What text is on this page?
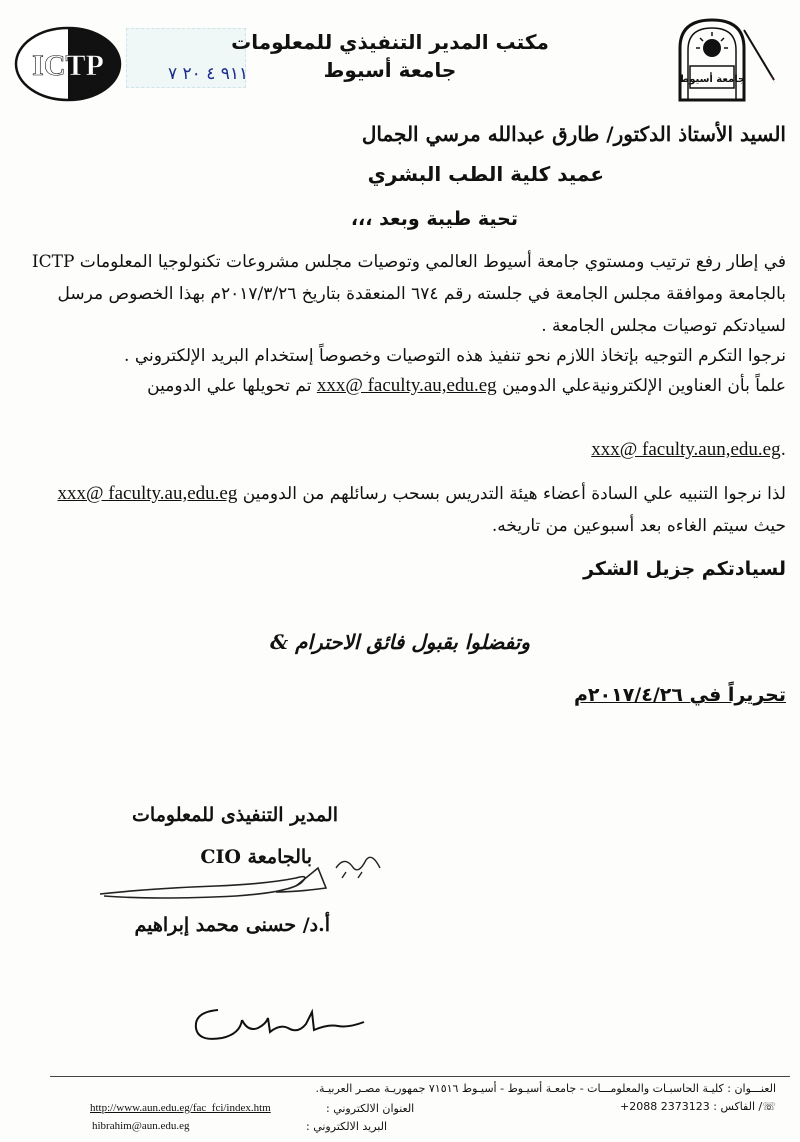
ICTP	٩١١ ٤ ٢٠ ٧
مكتب المدير التنفيذي للمعلومات
جامعة أسيوط	جامعة أسيوط
السيد الأستاذ الدكتور/ طارق عبدالله مرسي الجمال
عميد كلية الطب البشري
تحية طيبة وبعد ،،،
في إطار رفع ترتيب ومستوي جامعة أسيوط العالمي وتوصيات مجلس مشروعات تكنولوجيا المعلومات ICTP
بالجامعة وموافقة مجلس الجامعة في جلسته رقم ٦٧٤ المنعقدة بتاريخ ٢٠١٧/٣/٢٦م بهذا الخصوص مرسل
لسيادتكم توصيات مجلس الجامعة .
نرجوا التكرم التوجيه بإتخاذ اللازم نحو تنفيذ هذه التوصيات وخصوصاً إستخدام البريد الإلكتروني .
علماً بأن العناوين الإلكترونيةعلي الدومين xxx@ faculty.au,edu.eg تم تحويلها علي الدومين
.xxx@ faculty.aun,edu.eg
لذا نرجوا التنبيه علي السادة أعضاء هيئة التدريس بسحب رسائلهم من الدومين xxx@ faculty.au,edu.eg
حيث سيتم الغاءه بعد أسبوعين من تاريخه.
لسيادتكم جزيل الشكر
وتفضلوا بقبول فائق الاحترام &
تحريراً في ٢٠١٧/٤/٢٦م
المدير التنفيذى للمعلومات
بالجامعة CIO
أ.د/ حسنى محمد إبراهيم
العنـــوان : كليـة الحاسبـات والمعلومـــات - جامعـة أسيـوط - أسيـوط ٧١٥١٦ جمهوريـة مصـر العربيـة.
☏/ الفاكس : 2373123 2088+
العنوان الالكتروني :
http://www.aun.edu.eg/fac_fci/index.htm
البريد الالكتروني :
hibrahim@aun.edu.eg
